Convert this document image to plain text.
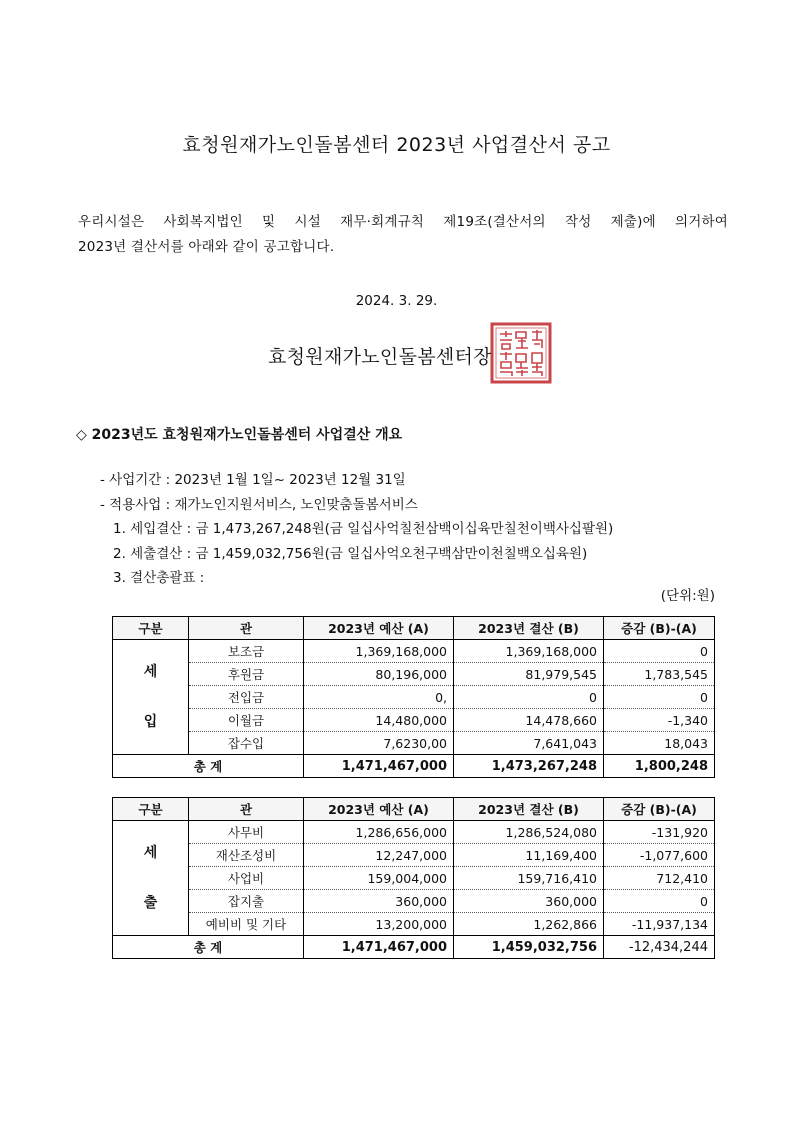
효청원재가노인돌봄센터 2023년 사업결산서 공고
우리시설은 사회복지법인 및 시설 재무·회계규칙 제19조(결산서의 작성 제출)에 의거하여
2023년 결산서를 아래와 같이 공고합니다.
2024. 3. 29.
효청원재가노인돌봄센터장
◇ 2023년도 효청원재가노인돌봄센터 사업결산 개요
- 사업기간 : 2023년 1월 1일~ 2023년 12월 31일
- 적용사업 : 재가노인지원서비스, 노인맞춤돌봄서비스
1. 세입결산 : 금 1,473,267,248원(금 일십사억칠천삼백이십육만칠천이백사십팔원)
2. 세출결산 : 금 1,459,032,756원(금 일십사억오천구백삼만이천칠백오십육원)
3. 결산총괄표 :
(단위:원)
구분	관	2023년 예산 (A)	2023년 결산 (B)	증감 (B)-(A)

세
입	보조금	1,369,168,000	1,369,168,000	0
	후원금	80,196,000	81,979,545	1,783,545
	전입금	0,	0	0
	이월금	14,480,000	14,478,660	-1,340
	잡수입	7,6230,00	7,641,043	18,043
총 계		1,471,467,000	1,473,267,248	1,800,248
구분	관	2023년 예산 (A)	2023년 결산 (B)	증감 (B)-(A)

세
출	사무비	1,286,656,000	1,286,524,080	-131,920
	재산조성비	12,247,000	11,169,400	-1,077,600
	사업비	159,004,000	159,716,410	712,410
	잡지출	360,000	360,000	0
	예비비 및 기타	13,200,000	1,262,866	-11,937,134
총 계		1,471,467,000	1,459,032,756	-12,434,244
